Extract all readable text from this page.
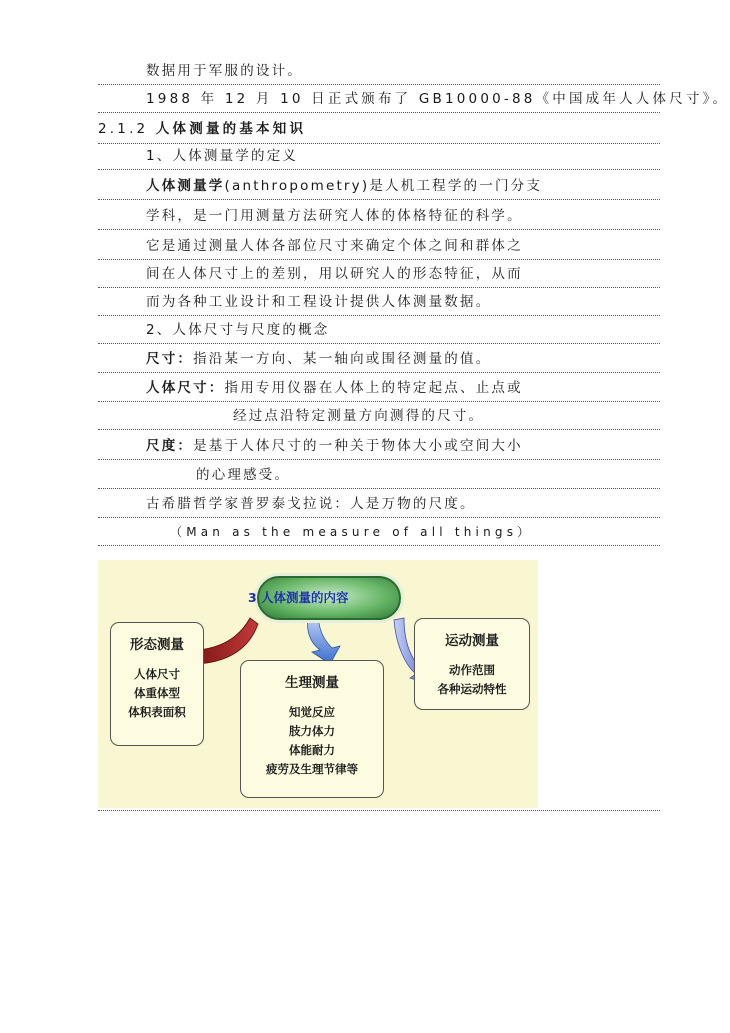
数据用于军服的设计。
1988 年 12 月 10 日正式颁布了 GB10000-88《中国成年人人体尺寸》。
2.1.2 人体测量的基本知识
1、人体测量学的定义
人体测量学(anthropometry)是人机工程学的一门分支
学科，是一门用测量方法研究人体的体格特征的科学。
它是通过测量人体各部位尺寸来确定个体之间和群体之
间在人体尺寸上的差别，用以研究人的形态特征，从而
而为各种工业设计和工程设计提供人体测量数据。
2、人体尺寸与尺度的概念
尺寸：指沿某一方向、某一轴向或围径测量的值。
人体尺寸：指用专用仪器在人体上的特定起点、止点或
经过点沿特定测量方向测得的尺寸。
尺度：是基于人体尺寸的一种关于物体大小或空间大小
的心理感受。
古希腊哲学家普罗泰戈拉说：人是万物的尺度。
（Man as the measure of all things）
3 人体测量的内容
形态测量
人体尺寸
体重体型
体积表面积
生理测量
知觉反应
肢力体力
体能耐力
疲劳及生理节律等
运动测量
动作范围
各种运动特性
